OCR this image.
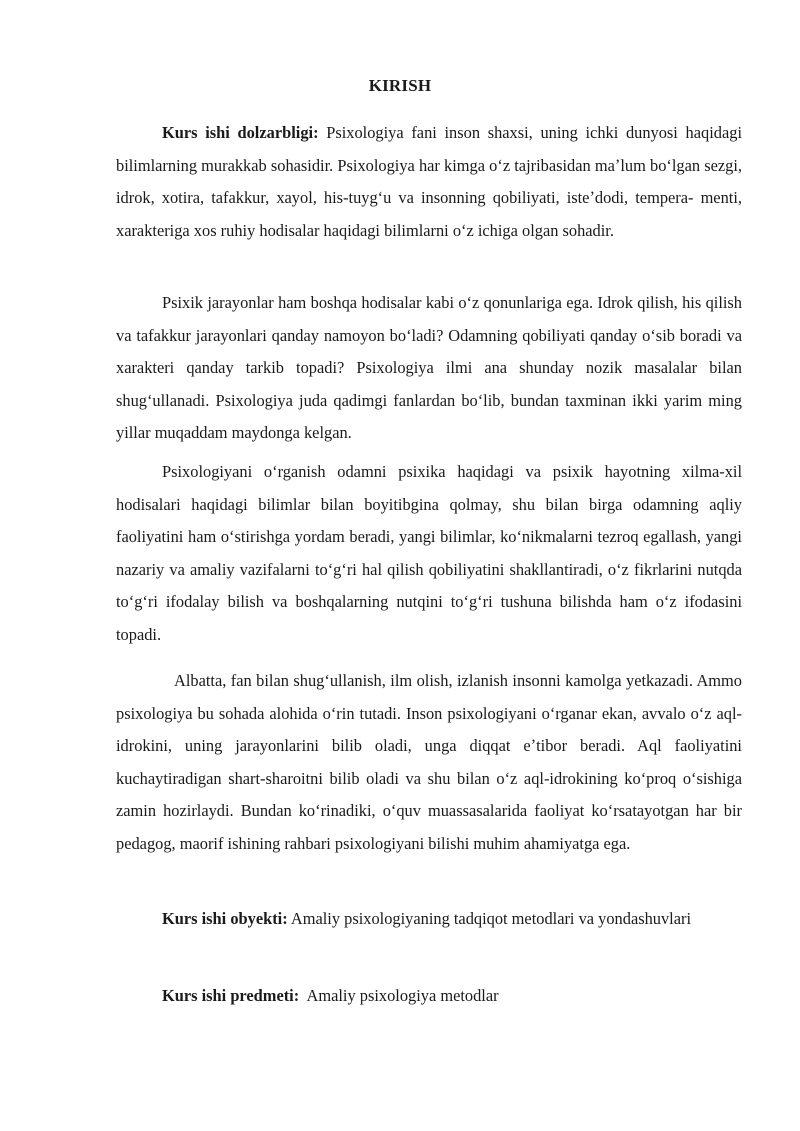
KIRISH

Kurs ishi dolzarbligi: Psixologiya fani inson shaxsi, uning ichki dunyosi haqidagi bilimlarning murakkab sohasidir. Psixologiya har kimga oʻz tajribasidan maʼlum boʻlgan sezgi, idrok, xotira, tafakkur, xayol, his-tuygʻu va insonning qobiliyati, isteʼdodi, tempera- menti, xarakteriga xos ruhiy hodisalar haqidagi bilimlarni oʻz ichiga olgan sohadir.

Psixik jarayonlar ham boshqa hodisalar kabi oʻz qonunlariga ega. Idrok qilish, his qilish va tafakkur jarayonlari qanday namoyon boʻladi? Odamning qobiliyati qanday oʻsib boradi va xarakteri qanday tarkib topadi? Psixologiya ilmi ana shunday nozik masalalar bilan shugʻullanadi. Psixologiya juda qadimgi fanlardan boʻlib, bundan taxminan ikki yarim ming yillar muqaddam maydonga kelgan.

Psixologiyani oʻrganish odamni psixika haqidagi va psixik hayotning xilma-xil hodisalari haqidagi bilimlar bilan boyitibgina qolmay, shu bilan birga odamning aqliy faoliyatini ham oʻstirishga yordam beradi, yangi bilimlar, koʻnikmalarni tezroq egallash, yangi nazariy va amaliy vazifalarni toʻgʻri hal qilish qobiliyatini shakllantiradi, oʻz fikrlarini nutqda toʻgʻri ifodalay bilish va boshqalarning nutqini toʻgʻri tushuna bilishda ham oʻz ifodasini topadi.

Albatta, fan bilan shugʻullanish, ilm olish, izlanish insonni kamolga yetkazadi. Ammo psixologiya bu sohada alohida oʻrin tutadi. Inson psixologiyani oʻrganar ekan, avvalo oʻz aql-idrokini, uning jarayonlarini bilib oladi, unga diqqat eʼtibor beradi. Aql faoliyatini kuchaytiradigan shart-sharoitni bilib oladi va shu bilan oʻz aql-idrokining koʻproq oʻsishiga zamin hozirlaydi. Bundan koʻrinadiki, oʻquv muassasalarida faoliyat koʻrsatayotgan har bir pedagog, maorif ishining rahbari psixologiyani bilishi muhim ahamiyatga ega.

Kurs ishi obyekti: Amaliy psixologiyaning tadqiqot metodlari va yondashuvlari

Kurs ishi predmeti:  Amaliy psixologiya metodlar
